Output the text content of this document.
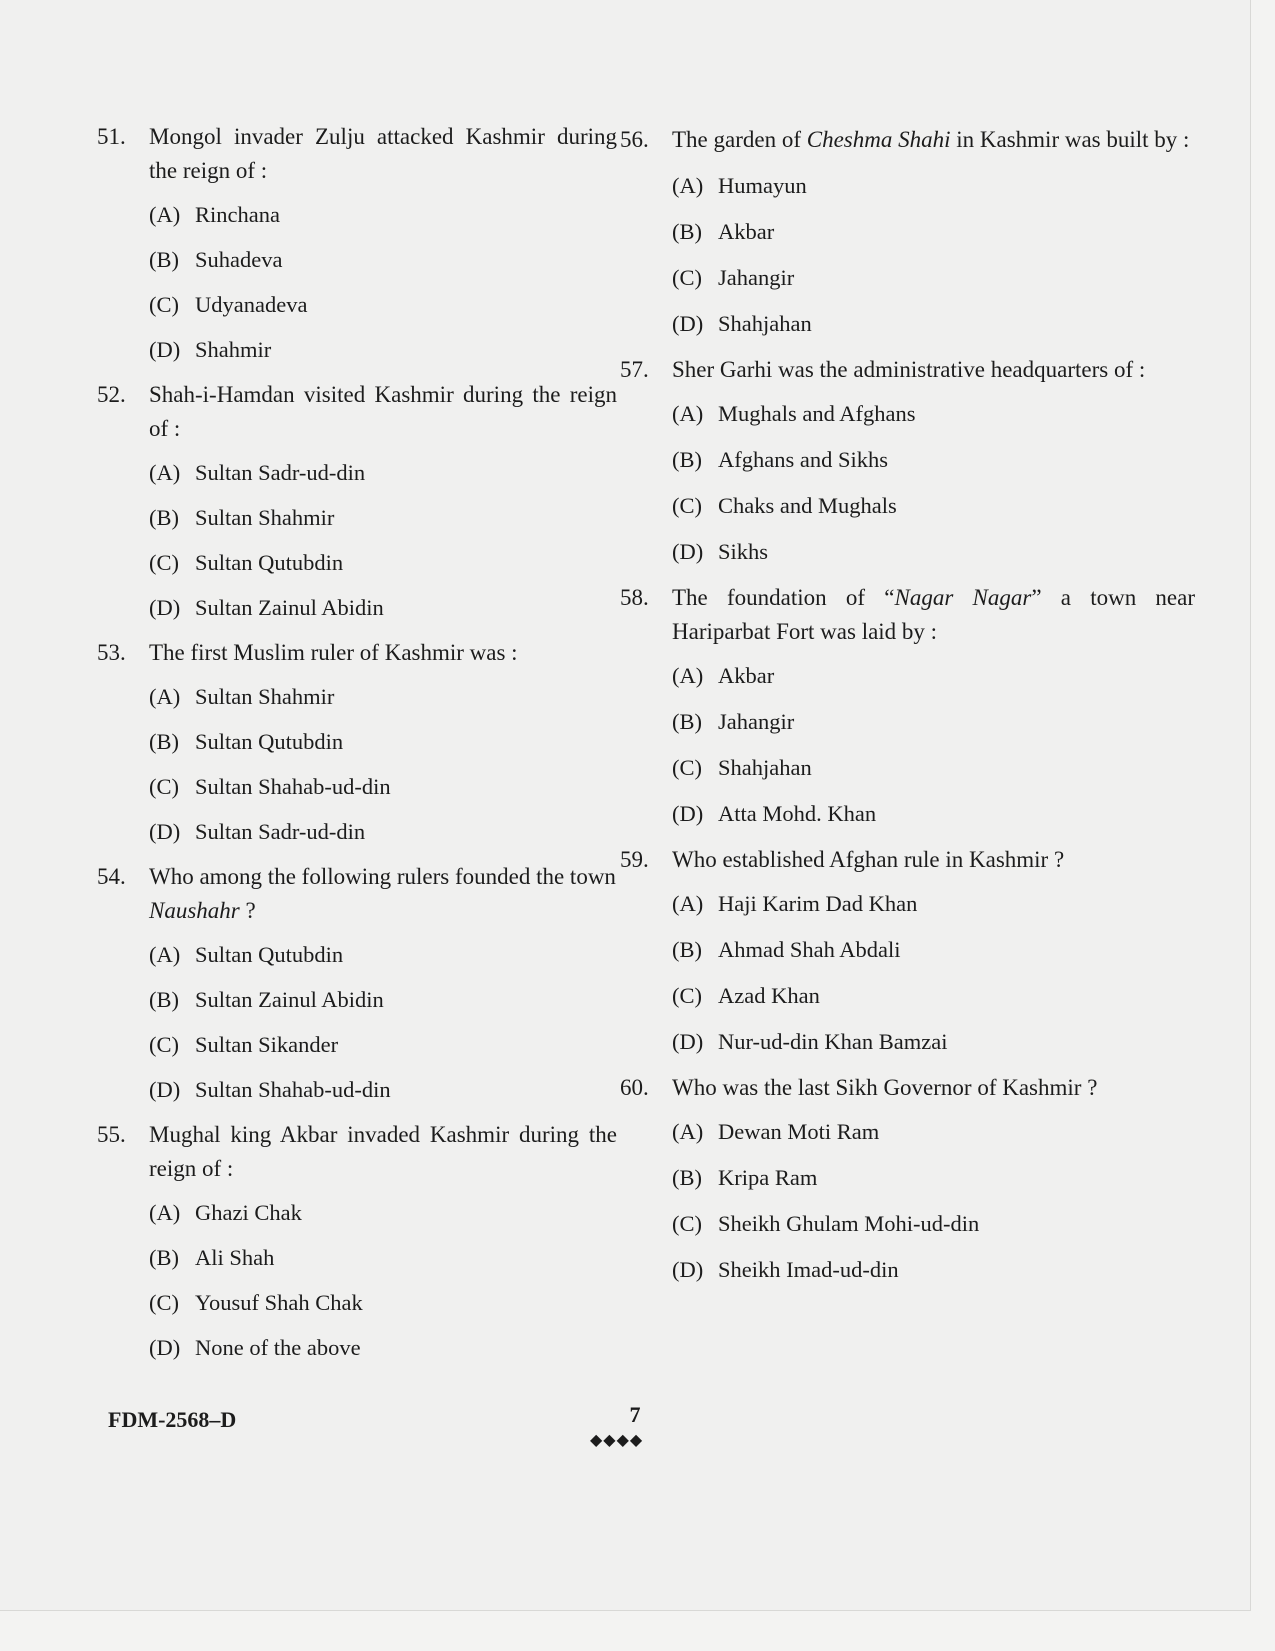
51. Mongol invader Zulju attacked Kashmir during the reign of :
(A) Rinchana
(B) Suhadeva
(C) Udyanadeva
(D) Shahmir
52. Shah-i-Hamdan visited Kashmir during the reign of :
(A) Sultan Sadr-ud-din
(B) Sultan Shahmir
(C) Sultan Qutubdin
(D) Sultan Zainul Abidin
53. The first Muslim ruler of Kashmir was :
(A) Sultan Shahmir
(B) Sultan Qutubdin
(C) Sultan Shahab-ud-din
(D) Sultan Sadr-ud-din
54. Who among the following rulers founded the town
Naushahr ?
(A) Sultan Qutubdin
(B) Sultan Zainul Abidin
(C) Sultan Sikander
(D) Sultan Shahab-ud-din
55. Mughal king Akbar invaded Kashmir during the reign of :
(A) Ghazi Chak
(B) Ali Shah
(C) Yousuf Shah Chak
(D) None of the above
56. The garden of Cheshma Shahi in Kashmir was built by :
(A) Humayun
(B) Akbar
(C) Jahangir
(D) Shahjahan
57. Sher Garhi was the administrative headquarters of :
(A) Mughals and Afghans
(B) Afghans and Sikhs
(C) Chaks and Mughals
(D) Sikhs
58. The foundation of “Nagar Nagar” a town near Hariparbat Fort was laid by :
(A) Akbar
(B) Jahangir
(C) Shahjahan
(D) Atta Mohd. Khan
59. Who established Afghan rule in Kashmir ?
(A) Haji Karim Dad Khan
(B) Ahmad Shah Abdali
(C) Azad Khan
(D) Nur-ud-din Khan Bamzai
60. Who was the last Sikh Governor of Kashmir ?
(A) Dewan Moti Ram
(B) Kripa Ram
(C) Sheikh Ghulam Mohi-ud-din
(D) Sheikh Imad-ud-din
FDM-2568–D	7
◆◆◆◆
